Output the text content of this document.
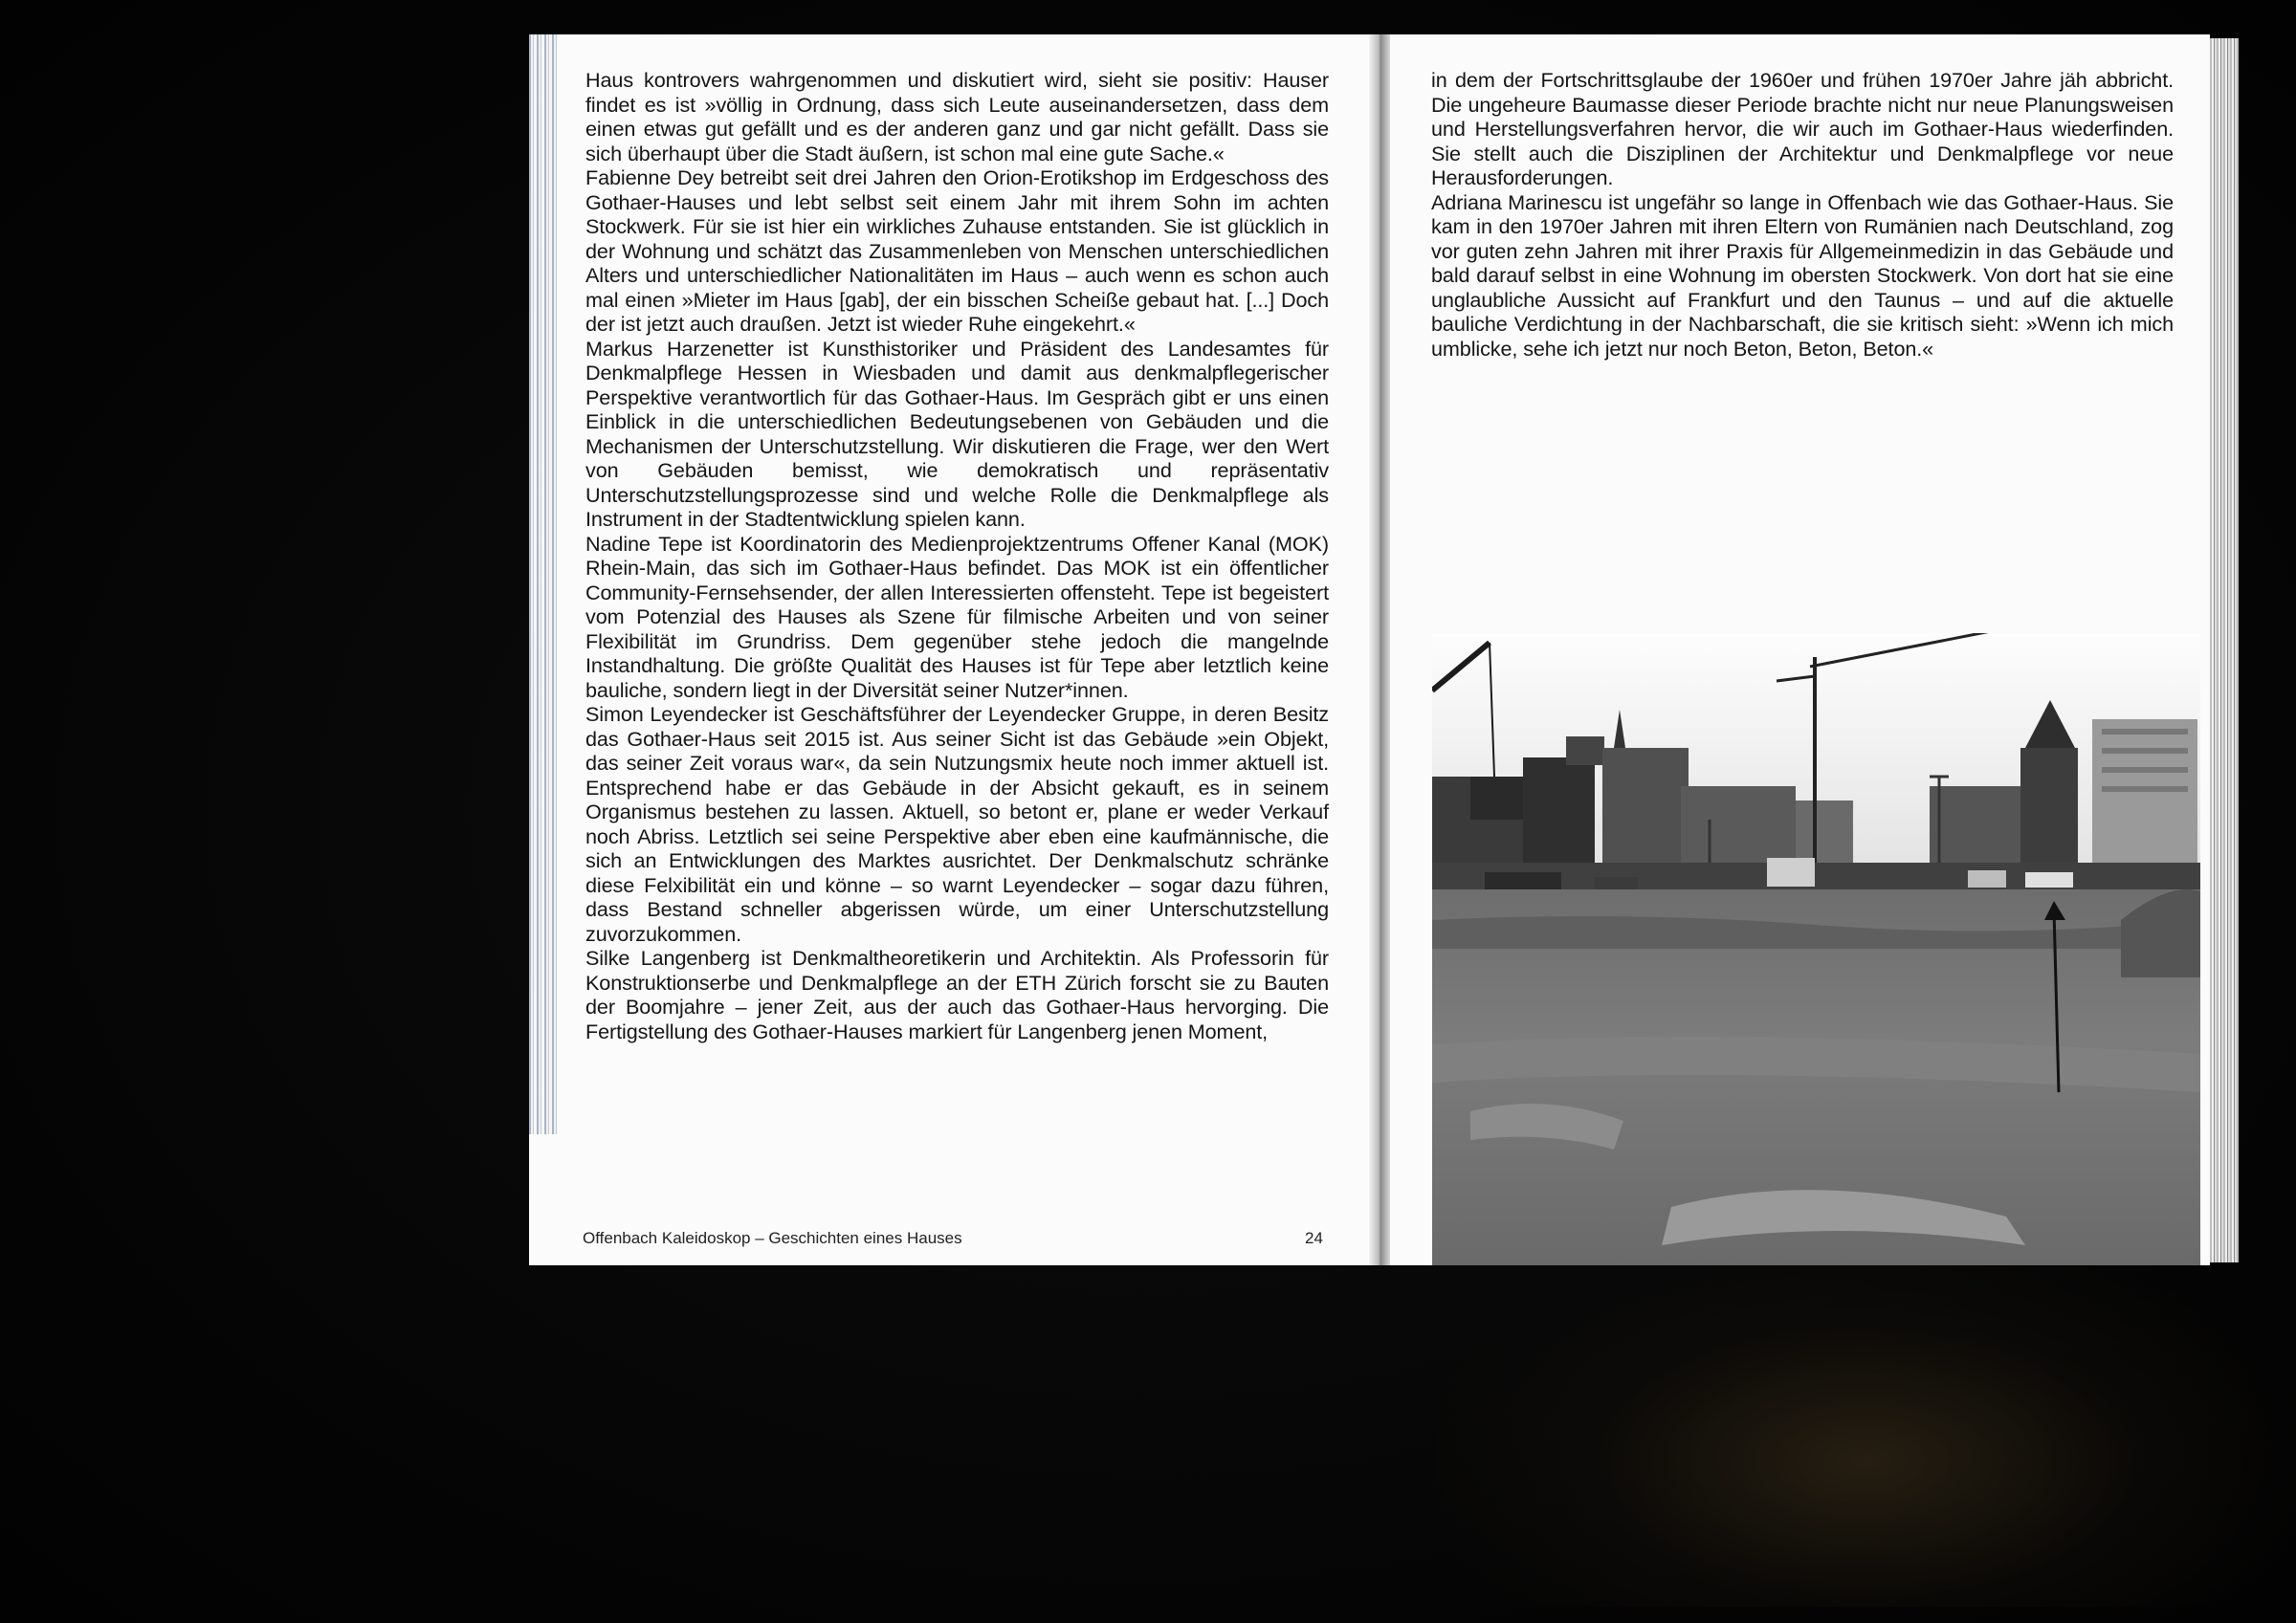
Haus kontrovers wahrgenommen und diskutiert wird, sieht sie positiv: Hauser findet es ist »völlig in Ordnung, dass sich Leute auseinandersetzen, dass dem einen etwas gut gefällt und es der anderen ganz und gar nicht gefällt. Dass sie sich überhaupt über die Stadt äußern, ist schon mal eine gute Sache.«

Fabienne Dey betreibt seit drei Jahren den Orion-Erotikshop im Erdgeschoss des Gothaer-Hauses und lebt selbst seit einem Jahr mit ihrem Sohn im achten Stockwerk. Für sie ist hier ein wirkliches Zuhause entstanden. Sie ist glücklich in der Wohnung und schätzt das Zusammenleben von Menschen unterschiedlichen Alters und unterschiedlicher Nationalitäten im Haus – auch wenn es schon auch mal einen »Mieter im Haus [gab], der ein bisschen Scheiße gebaut hat. [...] Doch der ist jetzt auch draußen. Jetzt ist wieder Ruhe eingekehrt.«

Markus Harzenetter ist Kunsthistoriker und Präsident des Landesamtes für Denkmalpflege Hessen in Wiesbaden und damit aus denkmalpflegerischer Perspektive verantwortlich für das Gothaer-Haus. Im Gespräch gibt er uns einen Einblick in die unterschiedlichen Bedeutungsebenen von Gebäuden und die Mechanismen der Unterschutzstellung. Wir diskutieren die Frage, wer den Wert von Gebäuden bemisst, wie demokratisch und repräsentativ Unterschutzstellungsprozesse sind und welche Rolle die Denkmalpflege als Instrument in der Stadtentwicklung spielen kann.

Nadine Tepe ist Koordinatorin des Medienprojektzentrums Offener Kanal (MOK) Rhein-Main, das sich im Gothaer-Haus befindet. Das MOK ist ein öffentlicher Community-Fernsehsender, der allen Interessierten offensteht. Tepe ist begeistert vom Potenzial des Hauses als Szene für filmische Arbeiten und von seiner Flexibilität im Grundriss. Dem gegenüber stehe jedoch die mangelnde Instandhaltung. Die größte Qualität des Hauses ist für Tepe aber letztlich keine bauliche, sondern liegt in der Diversität seiner Nutzer*innen.

Simon Leyendecker ist Geschäftsführer der Leyendecker Gruppe, in deren Besitz das Gothaer-Haus seit 2015 ist. Aus seiner Sicht ist das Gebäude »ein Objekt, das seiner Zeit voraus war«, da sein Nutzungsmix heute noch immer aktuell ist. Entsprechend habe er das Gebäude in der Absicht gekauft, es in seinem Organismus bestehen zu lassen. Aktuell, so betont er, plane er weder Verkauf noch Abriss. Letztlich sei seine Perspektive aber eben eine kaufmännische, die sich an Entwicklungen des Marktes ausrichtet. Der Denkmalschutz schränke diese Felxibilität ein und könne – so warnt Leyendecker – sogar dazu führen, dass Bestand schneller abgerissen würde, um einer Unterschutzstellung zuvorzukommen.

Silke Langenberg ist Denkmaltheoretikerin und Architektin. Als Professorin für Konstruktionserbe und Denkmalpflege an der ETH Zürich forscht sie zu Bauten der Boomjahre – jener Zeit, aus der auch das Gothaer-Haus hervorging. Die Fertigstellung des Gothaer-Hauses markiert für Langenberg jenen Moment,

Offenbach Kaleidoskop – Geschichten eines Hauses	24

in dem der Fortschrittsglaube der 1960er und frühen 1970er Jahre jäh abbricht. Die ungeheure Baumasse dieser Periode brachte nicht nur neue Planungsweisen und Herstellungsverfahren hervor, die wir auch im Gothaer-Haus wiederfinden. Sie stellt auch die Disziplinen der Architektur und Denkmalpflege vor neue Herausforderungen.

Adriana Marinescu ist ungefähr so lange in Offenbach wie das Gothaer-Haus. Sie kam in den 1970er Jahren mit ihren Eltern von Rumänien nach Deutschland, zog vor guten zehn Jahren mit ihrer Praxis für Allgemeinmedizin in das Gebäude und bald darauf selbst in eine Wohnung im obersten Stockwerk. Von dort hat sie eine unglaubliche Aussicht auf Frankfurt und den Taunus – und auf die aktuelle bauliche Verdichtung in der Nachbarschaft, die sie kritisch sieht: »Wenn ich mich umblicke, sehe ich jetzt nur noch Beton, Beton, Beton.«
